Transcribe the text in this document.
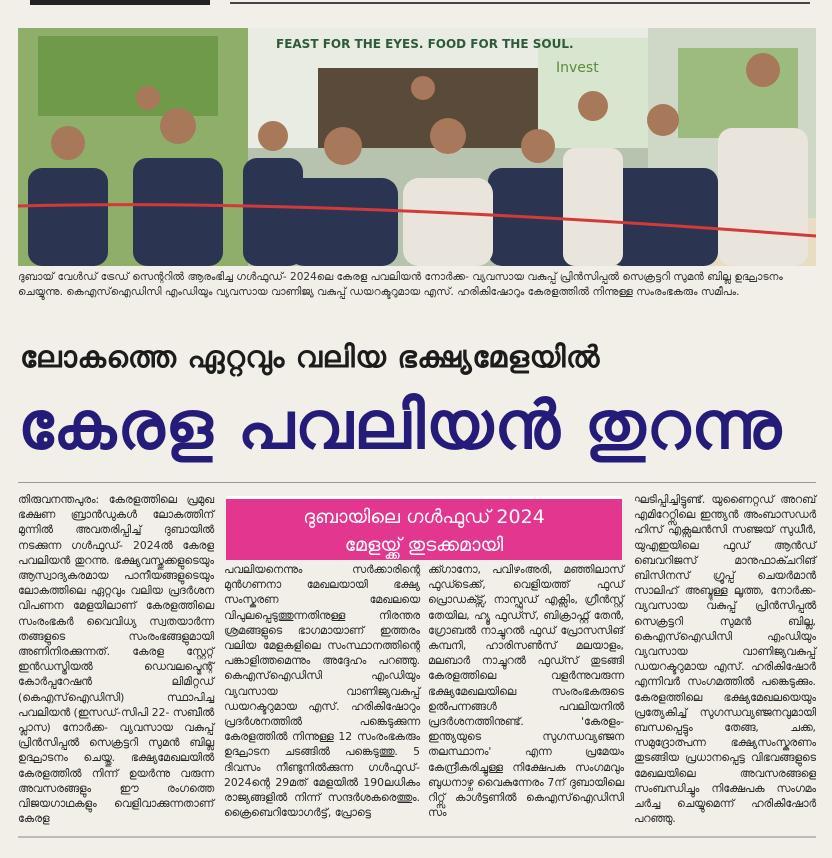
FEAST FOR THE EYES. FOOD FOR THE SOUL.
Invest
ദുബായ് വേൾഡ് ട്രേഡ് സെന്ററിൽ ആരംഭിച്ച ഗൾഫുഡ്- 2024ലെ കേരള പവലിയൻ നോർക്ക- വ്യവസായ വകുപ്പ് പ്രിൻസിപ്പൽ സെക്രട്ടറി സുമൻ ബില്ല ഉദ്ഘാടനം ചെയ്യുന്നു. കെഎസ്ഐഡിസി എംഡിയും വ്യവസായ വാണിജ്യ വകുപ്പ് ഡയറക്ടറുമായ എസ്. ഹരികിഷോറും കേരളത്തിൽ നിന്നുള്ള സംരംഭകരും സമീപം.
ലോകത്തെ ഏറ്റവും വലിയ ഭക്ഷ്യമേളയിൽ
കേരള പവലിയൻ തുറന്നു
തിരുവനന്തപുരം: കേരളത്തിലെ പ്രമുഖ ഭക്ഷണ ബ്രാൻഡുകൾ ലോകത്തിന് മുന്നിൽ അവതരിപ്പിച്ച് ദുബായിൽ നടക്കുന്ന ഗൾഫുഡ്- 2024ൽ കേരള പവലിയൻ തുറന്നു. ഭക്ഷ്യവസ്തുക്കളുടെയും ആസ്വാദ്യകരമായ പാനീയങ്ങളുടെയും ലോകത്തിലെ ഏറ്റവും വലിയ പ്രദർശന വിപണന മേളയിലാണ് കേരളത്തിലെ സംരംഭകർ വൈവിധ്യ സ്വതയാർന്ന തങ്ങളുടെ സംരംഭങ്ങളുമായി അണിനിരക്കുന്നത്. കേരള സ്റ്റേറ്റ് ഇൻഡസ്ട്രിയൽ ഡെവലപ്മെന്റ് കോർപ്പറേഷൻ ലിമിറ്റഡ് (കെഎസ്ഐഡിസി) സ്ഥാപിച്ച പവലിയൻ (ഇസഡ്-സിപി 22- സബീൽ പ്ലാസ) നോർക്ക- വ്യവസായ വകുപ്പ് പ്രിൻസിപ്പൽ സെക്രട്ടറി സുമൻ ബില്ല ഉദ്ഘാടനം ചെയ്തു. ഭക്ഷ്യമേഖലയിൽ കേരളത്തിൽ നിന്ന് ഉയർന്നു വരുന്ന അവസരങ്ങളും ഈ രംഗത്തെ വിജയഗാഥകളും വെളിവാക്കുന്നതാണ് കേരള
ദുബായിലെ ഗൾഫുഡ് 2024
മേളയ്ക്ക് തുടക്കമായി
പവലിയനെന്നും സർക്കാരിന്റെ മുൻഗണനാ മേഖലയായി ഭക്ഷ്യ സംസ്കരണ മേഖലയെ വിപുലപ്പെടുത്തുന്നതിനുള്ള നിരന്തര ശ്രമങ്ങളുടെ ഭാഗമായാണ് ഇത്തരം വലിയ മേളകളിലെ സംസ്ഥാനത്തിന്റെ പങ്കാളിത്തമെന്നും അദ്ദേഹം പറഞ്ഞു. കെഎസ്ഐഡിസി എംഡിയും വ്യവസായ വാണിജ്യവകുപ്പ് ഡയറക്ടറുമായ എസ്. ഹരികിഷോറും പ്രദർശനത്തിൽ പങ്കെടുക്കുന്ന കേരളത്തിൽ നിന്നുള്ള 12 സംരംഭകരും ഉദ്ഘാടന ചടങ്ങിൽ പങ്കെടുത്തു. 5 ദിവസം നീണ്ടുനിൽക്കുന്ന ഗൾഫുഡ്- 2024ന്റെ 29മത് മേളയിൽ 190ലധികം രാജ്യങ്ങളിൽ നിന്ന് സന്ദർശകരെത്തും. ക്രൈബെറിയോഗർട്ട്, പ്രോട്ടെ
ക്ക്ഗാനോ, പവിഴംഅരി, മഞ്ഞിലാസ് ഫുഡ്ടെക്ക്, വെളിയത്ത് ഫുഡ് പ്രൊഡക്ട്സ്, നാസ്ഫുഡ് എക്സിം, ഗ്രീൻസ്റ്റ് തേയില, ഹ്യൂ ഫുഡ്സ്, ബിക്രാഫ്റ്റ് തേൻ, ഗ്രോബൽ നാച്ചുറൽ ഫുഡ് പ്രോസസിങ് കമ്പനി, ഹാരിസൺസ് മലയാളം, മലബാർ നാച്ചുറൽ ഫുഡ്സ് തുടങ്ങി കേരളത്തിലെ വളർന്നുവരുന്ന ഭക്ഷ്യമേഖലയിലെ സംരംഭകരുടെ ഉൽപന്നങ്ങൾ പവലിയനിൽ പ്രദർശനത്തിനുണ്ട്. 'കേരളം- ഇന്ത്യയുടെ സുഗന്ധവ്യഞ്ജന തലസ്ഥാനം' എന്ന പ്രമേയം കേന്ദ്രീകരിച്ചുള്ള നിക്ഷേപക സംഗമവും ബുധനാഴ്ച വൈകുന്നേരം 7ന് ദുബായിലെ റിറ്റ്സ് കാൾട്ടണിൽ കെഎസ്ഐഡിസി സം
ഘടിപ്പിച്ചിട്ടുണ്ട്. യുണൈറ്റഡ് അറബ് എമിറേറ്റ്സിലെ ഇന്ത്യൻ അംബാസഡർ ഹിസ് എക്സലൻസി സഞ്ജയ് സുധീർ, യുഎഇയിലെ ഫുഡ് ആൻഡ് ബെവറിജസ് മാനുഫാക്ചറിങ് ബിസിനസ് ഗ്രൂപ്പ് ചെയർമാൻ സാലിഹ് അബ്ദുള്ള ലൂത്ത, നോർക്ക-വ്യവസായ വകുപ്പ് പ്രിൻസിപ്പൽ സെക്രട്ടറി സുമൻ ബില്ല, കെഎസ്ഐഡിസി എംഡിയും വ്യവസായ വാണിജ്യവകുപ്പ് ഡയറക്ടറുമായ എസ്. ഹരികിഷോർ എന്നിവർ സംഗമത്തിൽ പങ്കെടുക്കും. കേരളത്തിലെ ഭക്ഷ്യമേഖലയെയും പ്രത്യേകിച്ച് സുഗന്ധവ്യഞ്ജനവുമായി ബന്ധപ്പെട്ടും തേങ്ങ, ചക്ക, സമുദ്രോത്പന്ന ഭക്ഷ്യസംസ്കരണം തുടങ്ങിയ പ്രധാനപ്പെട്ട വിഭവങ്ങളുടെ മേഖലയിലെ അവസരങ്ങളെ സംബന്ധിച്ചും നിക്ഷേപക സംഗമം ചർച്ച ചെയ്യുമെന്ന് ഹരികിഷോർ പറഞ്ഞു.
